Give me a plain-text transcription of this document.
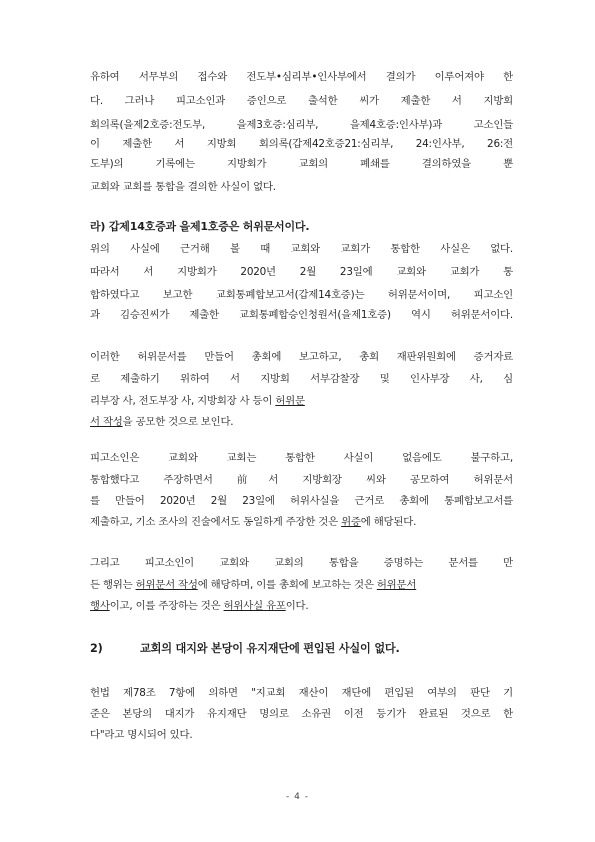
유하여 서무부의 접수와 전도부•심리부•인사부에서 결의가 이루어져야 한
다. 그러나 피고소인과 증인으로 출석한 씨가 제출한 서 지방회
회의록(을제2호증:전도부, 을제3호증:심리부, 을제4호증:인사부)과 고소인들
이 제출한 서 지방회 회의록(갑제42호증21:심리부, 24:인사부, 26:전
도부)의 기록에는 지방회가 교회의 폐쇄를 결의하였을 뿐
교회와 교회를 통합을 결의한 사실이 없다.
라) 갑제14호증과 을제1호증은 허위문서이다.
위의 사실에 근거해 볼 때 교회와 교회가 통합한 사실은 없다.
따라서 서 지방회가 2020년 2월 23일에 교회와 교회가 통
합하였다고 보고한 교회통폐합보고서(갑제14호증)는 허위문서이며, 피고소인
과 김승진씨가 제출한 교회통폐합승인청원서(을제1호증) 역시 허위문서이다.
이러한 허위문서를 만들어 총회에 보고하고, 총회 재판위원회에 증거자료
로 제출하기 위하여 서 지방회 서부감찰장 및 인사부장 사, 심
리부장 사, 전도부장 사, 지방회장 사 등이 허위문
서 작성을 공모한 것으로 보인다.
피고소인은 교회와 교회는 통합한 사실이 없음에도 불구하고,
통합했다고 주장하면서 前서 지방회장 씨와 공모하여 허위문서
를 만들어 2020년 2월 23일에 허위사실을 근거로 총회에 통폐합보고서를
제출하고, 기소 조사의 진술에서도 동일하게 주장한 것은 위증에 해당된다.
그리고 피고소인이 교회와 교회의 통합을 증명하는 문서를 만
든 행위는 허위문서 작성에 해당하며, 이를 총회에 보고하는 것은 허위문서
행사이고, 이를 주장하는 것은 허위사실 유포이다.
2)	교회의 대지와 본당이 유지재단에 편입된 사실이 없다.
헌법 제78조 7항에 의하면 "지교회 재산이 재단에 편입된 여부의 판단 기
준은 본당의 대지가 유지재단 명의로 소유권 이전 등기가 완료된 것으로 한
다"라고 명시되어 있다.
- 4 -
